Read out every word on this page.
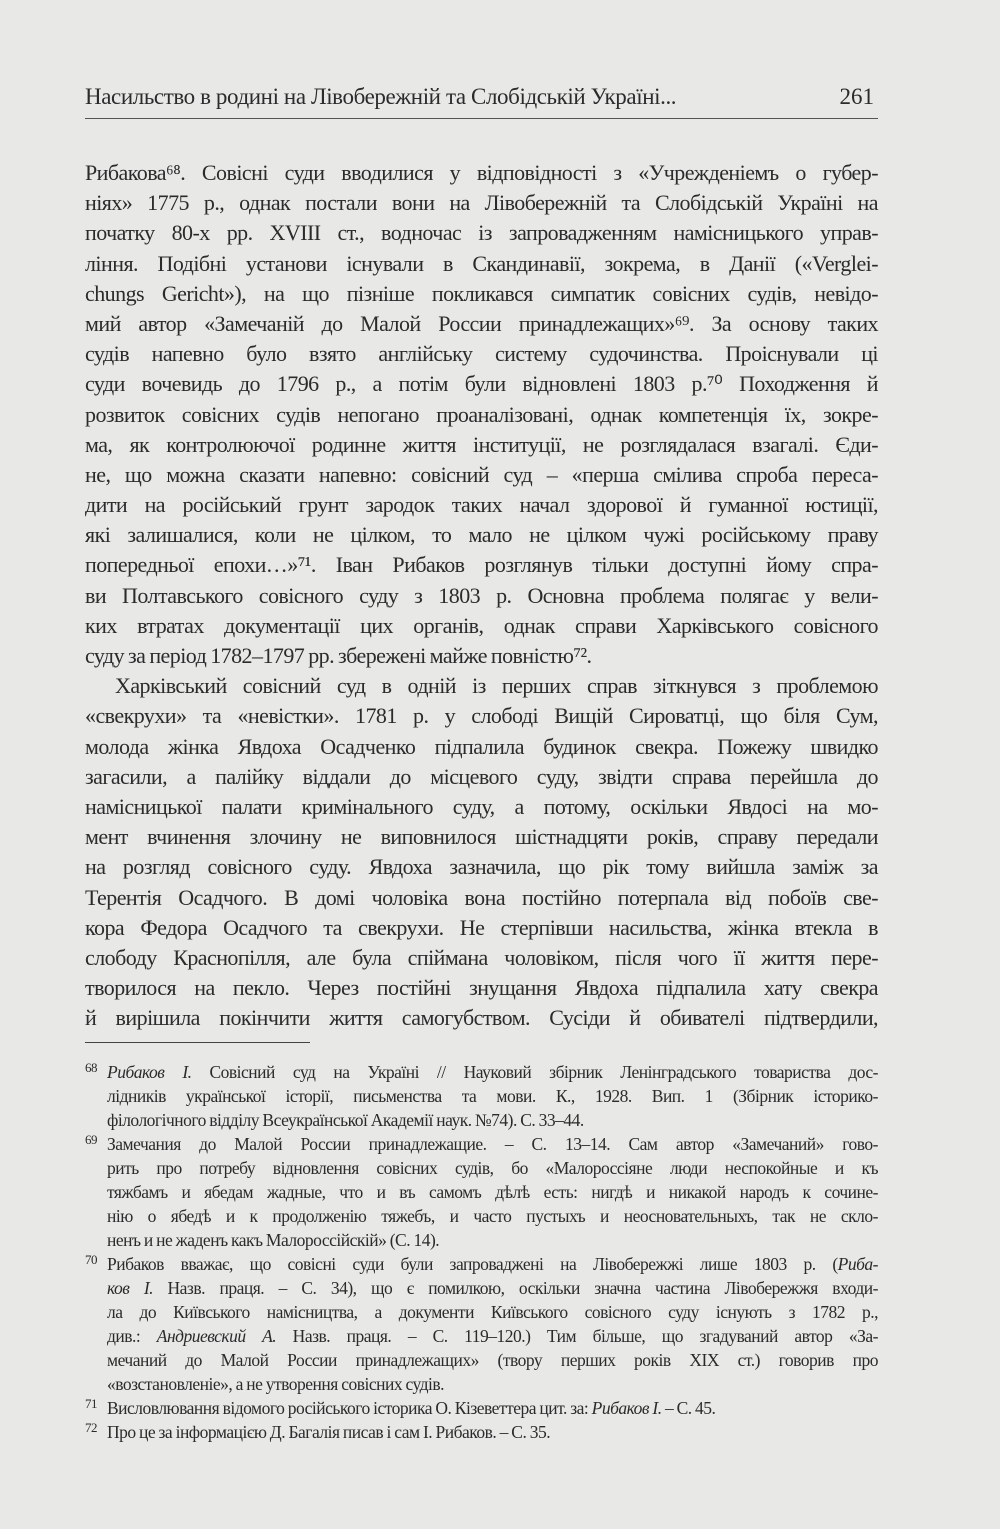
Насильство в родині на Лівобережній та Слобідській Україні...	261
Рибакова⁶⁸. Совісні суди вводилися у відповідності з «Учрежденіемъ о губер-
ніях» 1775 р., однак постали вони на Лівобережній та Слобідській Україні на
початку 80-х рр. XVIII ст., водночас із запровадженням намісницького управ-
ління. Подібні установи існували в Скандинавії, зокрема, в Данії («Verglei-
chungs Gericht»), на що пізніше покликався симпатик совісних судів, невідо-
мий автор «Замечаній до Малой России принадлежащих»⁶⁹. За основу таких
судів напевно було взято англійську систему судочинства. Проіснували ці
суди вочевидь до 1796 р., а потім були відновлені 1803 р.⁷⁰ Походження й
розвиток совісних судів непогано проаналізовані, однак компетенція їх, зокре-
ма, як контролюючої родинне життя інституції, не розглядалася взагалі. Єди-
не, що можна сказати напевно: совісний суд – «перша смілива спроба переса-
дити на російський грунт зародок таких начал здорової й гуманної юстиції,
які залишалися, коли не цілком, то мало не цілком чужі російському праву
попередньої епохи…»⁷¹. Іван Рибаков розглянув тільки доступні йому спра-
ви Полтавського совісного суду з 1803 р. Основна проблема полягає у вели-
ких втратах документації цих органів, однак справи Харківського совісного
суду за період 1782–1797 рр. збережені майже повністю⁷².
Харківський совісний суд в одній із перших справ зіткнувся з проблемою
«свекрухи» та «невістки». 1781 р. у слободі Вищій Сироватці, що біля Сум,
молода жінка Явдоха Осадченко підпалила будинок свекра. Пожежу швидко
загасили, а палійку віддали до місцевого суду, звідти справа перейшла до
намісницької палати кримінального суду, а потому, оскільки Явдосі на мо-
мент вчинення злочину не виповнилося шістнадцяти років, справу передали
на розгляд совісного суду. Явдоха зазначила, що рік тому вийшла заміж за
Терентія Осадчого. В домі чоловіка вона постійно потерпала від побоїв све-
кора Федора Осадчого та свекрухи. Не стерпівши насильства, жінка втекла в
слободу Краснопілля, але була спіймана чоловіком, після чого її життя пере-
творилося на пекло. Через постійні знущання Явдоха підпалила хату свекра
й вирішила покінчити життя самогубством. Сусіди й обивателі підтвердили,
68 Рибаков І. Совісний суд на Україні // Науковий збірник Ленінградського товариства дос-
лідників української історії, письменства та мови. К., 1928. Вип. 1 (Збірник історико-
філологічного відділу Всеукраїнської Академії наук. №74). С. 33–44.
69 Замечания до Малой России принадлежащие. – С. 13–14. Сам автор «Замечаний» гово-
рить про потребу відновлення совісних судів, бо «Малороссіяне люди неспокойные и къ
тяжбамъ и ябедам жадные, что и въ самомъ дѣлѣ есть: нигдѣ и никакой народъ к сочине-
нію о ябедѣ и к продолженію тяжебъ, и часто пустыхъ и неосновательныхъ, так не скло-
ненъ и не жаденъ какъ Малороссійскій» (С. 14).
70 Рибаков вважає, що совісні суди були запроваджені на Лівобережжі лише 1803 р. (Риба-
ков І. Назв. праця. – С. 34), що є помилкою, оскільки значна частина Лівобережжя входи-
ла до Київського намісництва, а документи Київського совісного суду існують з 1782 р.,
див.: Андриевский А. Назв. праця. – С. 119–120.) Тим більше, що згадуваний автор «За-
мечаний до Малой России принадлежащих» (твору перших років XIX ст.) говорив про
«возстановленіе», а не утворення совісних судів.
71 Висловлювання відомого російського історика О. Кізеветтера цит. за: Рибаков І. – С. 45.
72 Про це за інформацією Д. Багалія писав і сам І. Рибаков. – С. 35.
